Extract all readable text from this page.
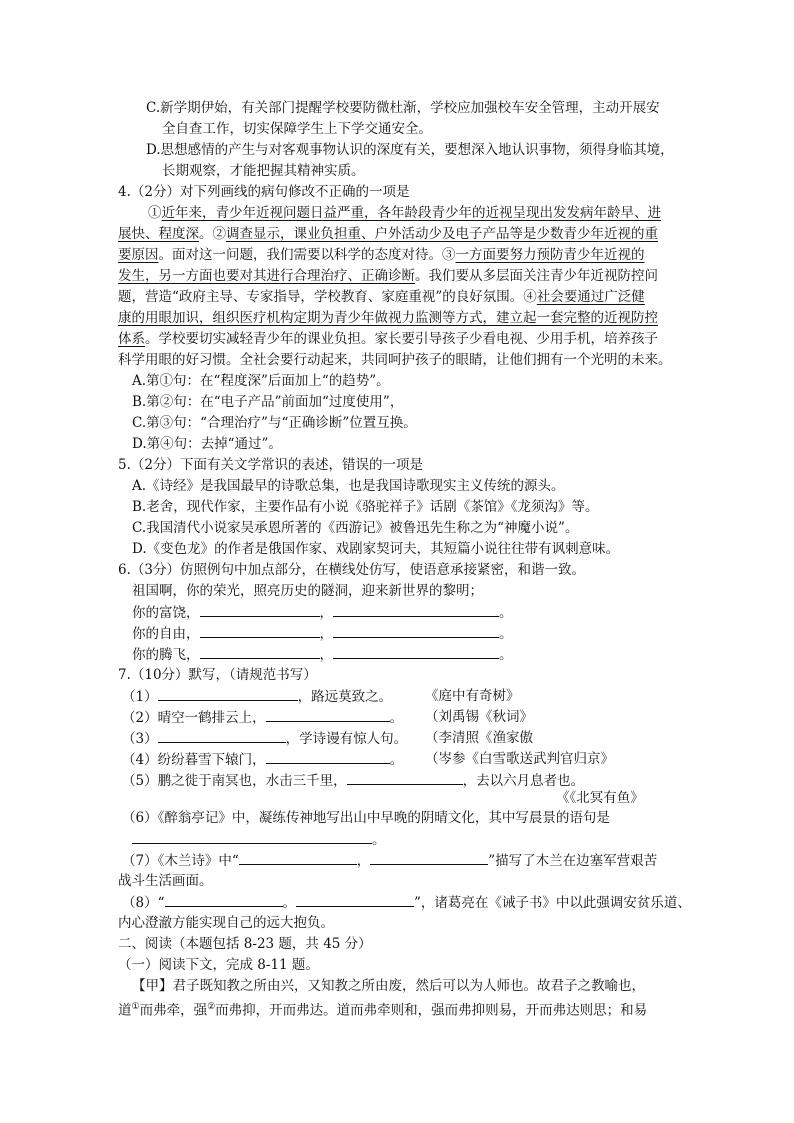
C.新学期伊始，有关部门提醒学校要防微杜渐，学校应加强校车安全管理，主动开展安
全自查工作，切实保障学生上下学交通安全。
D.思想感情的产生与对客观事物认识的深度有关，要想深入地认识事物，须得身临其境，
长期观察，才能把握其精神实质。
4.（2分）对下列画线的病句修改不正确的一项是
①近年来，青少年近视问题日益严重，各年龄段青少年的近视呈现出发发病年龄早、进
展快、程度深。②调查显示，课业负担重、户外活动少及电子产品等是少数青少年近视的重
要原因。面对这一问题，我们需要以科学的态度对待。③一方面要努力预防青少年近视的
发生，另一方面也要对其进行合理治疗、正确诊断。我们要从多层面关注青少年近视防控问
题，营造“政府主导、专家指导，学校教育、家庭重视”的良好氛围。④社会要通过广泛健
康的用眼加识，组织医疗机构定期为青少年做视力监测等方式，建立起一套完整的近视防控
体系。学校要切实减轻青少年的课业负担。家长要引导孩子少看电视、少用手机，培养孩子
科学用眼的好习惯。全社会要行动起来，共同呵护孩子的眼睛，让他们拥有一个光明的未来。
A.第①句：在“程度深”后面加上“的趋势”。
B.第②句：在“电子产品”前面加“过度使用”，
C.第③句：“合理治疗”与“正确诊断”位置互换。
D.第④句：去掉“通过”。
5.（2分）下面有关文学常识的表述，错误的一项是
A.《诗经》是我国最早的诗歌总集，也是我国诗歌现实主义传统的源头。
B.老舍，现代作家，主要作品有小说《骆驼祥子》话剧《茶馆》《龙须沟》等。
C.我国清代小说家吴承恩所著的《西游记》被鲁迅先生称之为“神魔小说”。
D.《变色龙》的作者是俄国作家、戏剧家契诃夫，其短篇小说往往带有讽刺意味。
6.（3分）仿照例句中加点部分，在横线处仿写，使语意承接紧密，和谐一致。
祖国啊，你的荣光，照亮历史的隧洞，迎来新世界的黎明；
你的富饶，	，	。
你的自由，	，	。
你的腾飞，	，	。
7.（10分）默写，（请规范书写）
（1）	，路远莫致之。 《庭中有奇树》
（2）晴空一鹤排云上，	。 （刘禹锡《秋词》
（3）	，学诗谩有惊人句。 （李清照《渔家傲
（4）纷纷暮雪下辕门，	。 （岑参《白雪歌送武判官归京》
（5）鹏之徙于南冥也，水击三千里，	，去以六月息者也。
《《北冥有鱼》
（6）《醉翁亭记》中，凝练传神地写出山中早晚的阴晴文化，其中写晨景的语句是
。
（7）《木兰诗》中“	，	”描写了木兰在边塞军营艰苦
战斗生活画面。
（8）“	。	”，诸葛亮在《诫子书》中以此强调安贫乐道、
内心澄澈方能实现自己的远大抱负。
二、阅读（本题包括 8-23 题，共 45 分）
（一）阅读下文，完成 8-11 题。
【甲】君子既知教之所由兴，又知教之所由废，然后可以为人师也。故君子之教喻也，
道①而弗牵，强②而弗抑，开而弗达。道而弗牵则和，强而弗抑则易，开而弗达则思；和易
